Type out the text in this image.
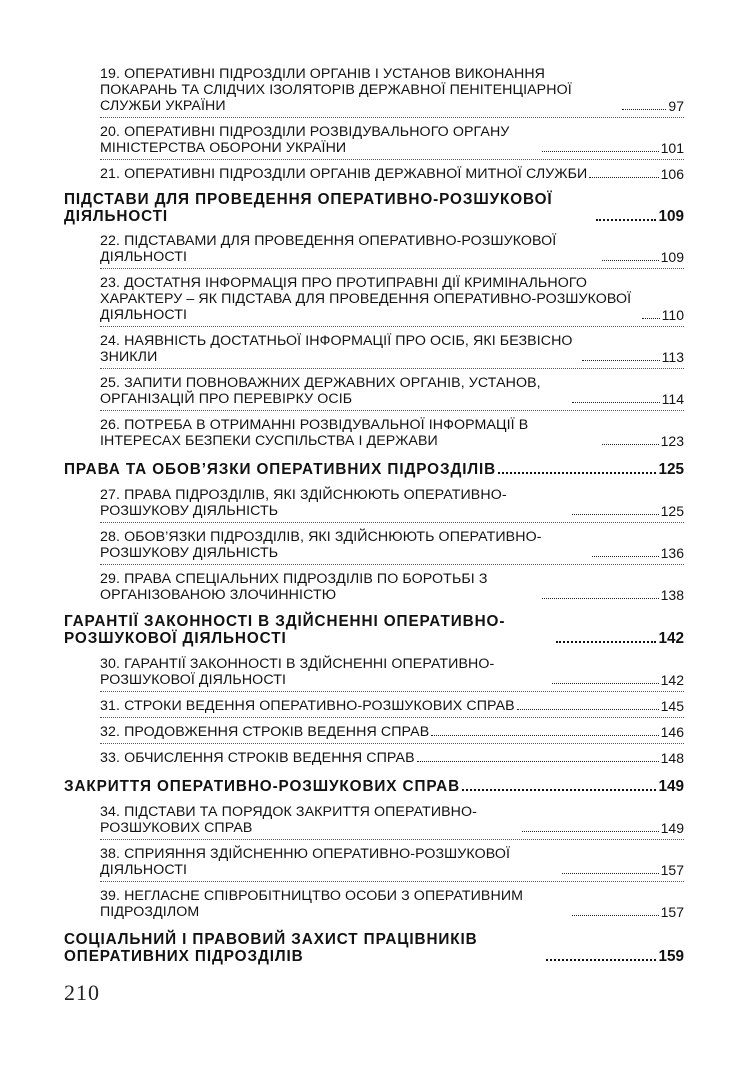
19. ОПЕРАТИВНІ ПІДРОЗДІЛИ ОРГАНІВ І УСТАНОВ ВИКОНАННЯ ПОКАРАНЬ ТА СЛІДЧИХ ІЗОЛЯТОРІВ ДЕРЖАВНОЇ ПЕНІТЕНЦІАРНОЇ СЛУЖБИ УКРАЇНИ	97
20. ОПЕРАТИВНІ ПІДРОЗДІЛИ РОЗВІДУВАЛЬНОГО ОРГАНУ МІНІСТЕРСТВА ОБОРОНИ УКРАЇНИ	101
21. ОПЕРАТИВНІ ПІДРОЗДІЛИ ОРГАНІВ ДЕРЖАВНОЇ МИТНОЇ СЛУЖБИ	106
ПІДСТАВИ ДЛЯ ПРОВЕДЕННЯ ОПЕРАТИВНО-РОЗШУКОВОЇ ДІЯЛЬНОСТІ	109
22. ПІДСТАВАМИ ДЛЯ ПРОВЕДЕННЯ ОПЕРАТИВНО-РОЗШУКОВОЇ ДІЯЛЬНОСТІ	109
23. ДОСТАТНЯ ІНФОРМАЦІЯ ПРО ПРОТИПРАВНІ ДІЇ КРИМІНАЛЬНОГО ХАРАКТЕРУ – ЯК ПІДСТАВА ДЛЯ ПРОВЕДЕННЯ ОПЕРАТИВНО-РОЗШУКОВОЇ ДІЯЛЬНОСТІ	110
24. НАЯВНІСТЬ ДОСТАТНЬОЇ ІНФОРМАЦІЇ ПРО ОСІБ, ЯКІ БЕЗВІСНО ЗНИКЛИ	113
25. ЗАПИТИ ПОВНОВАЖНИХ ДЕРЖАВНИХ ОРГАНІВ, УСТАНОВ, ОРГАНІЗАЦІЙ ПРО ПЕРЕВІРКУ ОСІБ	114
26. ПОТРЕБА В ОТРИМАННІ РОЗВІДУВАЛЬНОЇ ІНФОРМАЦІЇ В ІНТЕРЕСАХ БЕЗПЕКИ СУСПІЛЬСТВА І ДЕРЖАВИ	123
ПРАВА ТА ОБОВ’ЯЗКИ ОПЕРАТИВНИХ ПІДРОЗДІЛІВ	125
27. ПРАВА ПІДРОЗДІЛІВ, ЯКІ ЗДІЙСНЮЮТЬ ОПЕРАТИВНО-РОЗШУКОВУ ДІЯЛЬНІСТЬ	125
28. ОБОВ’ЯЗКИ ПІДРОЗДІЛІВ, ЯКІ ЗДІЙСНЮЮТЬ ОПЕРАТИВНО-РОЗШУКОВУ ДІЯЛЬНІСТЬ	136
29. ПРАВА СПЕЦІАЛЬНИХ ПІДРОЗДІЛІВ ПО БОРОТЬБІ З ОРГАНІЗОВАНОЮ ЗЛОЧИННІСТЮ	138
ГАРАНТІЇ ЗАКОННОСТІ В ЗДІЙСНЕННІ ОПЕРАТИВНО-РОЗШУКОВОЇ ДІЯЛЬНОСТІ	142
30. ГАРАНТІЇ ЗАКОННОСТІ В ЗДІЙСНЕННІ ОПЕРАТИВНО-РОЗШУКОВОЇ ДІЯЛЬНОСТІ	142
31. СТРОКИ ВЕДЕННЯ ОПЕРАТИВНО-РОЗШУКОВИХ СПРАВ	145
32. ПРОДОВЖЕННЯ СТРОКІВ ВЕДЕННЯ СПРАВ	146
33. ОБЧИСЛЕННЯ СТРОКІВ ВЕДЕННЯ СПРАВ	148
ЗАКРИТТЯ ОПЕРАТИВНО-РОЗШУКОВИХ СПРАВ	149
34. ПІДСТАВИ ТА ПОРЯДОК ЗАКРИТТЯ ОПЕРАТИВНО-РОЗШУКОВИХ СПРАВ	149
38. СПРИЯННЯ ЗДІЙСНЕННЮ ОПЕРАТИВНО-РОЗШУКОВОЇ ДІЯЛЬНОСТІ	157
39. НЕГЛАСНЕ СПІВРОБІТНИЦТВО ОСОБИ З ОПЕРАТИВНИМ ПІДРОЗДІЛОМ	157
СОЦІАЛЬНИЙ І ПРАВОВИЙ ЗАХИСТ ПРАЦІВНИКІВ ОПЕРАТИВНИХ ПІДРОЗДІЛІВ	159
210
